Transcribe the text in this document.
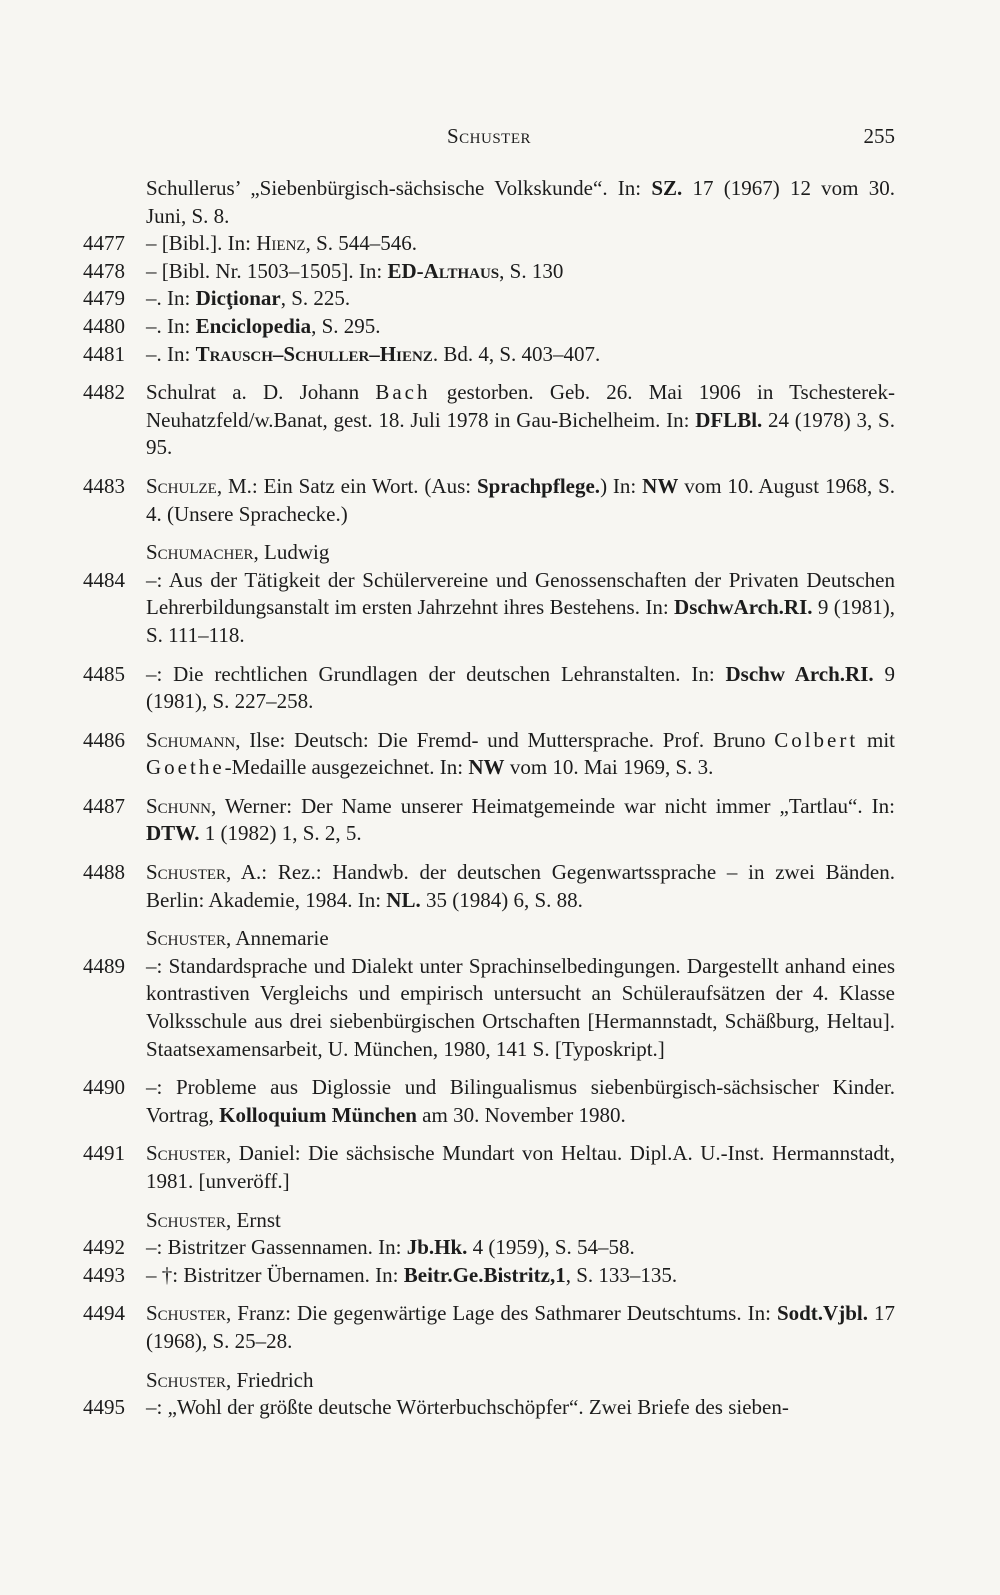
Schuster	255

Schullerus’ „Siebenbürgisch-sächsische Volkskunde“. In: SZ. 17 (1967) 12 vom 30. Juni, S. 8.

4477	– [Bibl.]. In: Hienz, S. 544–546.

4478	– [Bibl. Nr. 1503–1505]. In: ED-Althaus, S. 130

4479	–. In: Dicţionar, S. 225.

4480	–. In: Enciclopedia, S. 295.

4481	–. In: Trausch–Schuller–Hienz. Bd. 4, S. 403–407.

4482	Schulrat a. D. Johann Bach gestorben. Geb. 26. Mai 1906 in Tschesterek-Neuhatzfeld/w.Banat, gest. 18. Juli 1978 in Gau-Bichelheim. In: DFLBl. 24 (1978) 3, S. 95.

4483	Schulze, M.: Ein Satz ein Wort. (Aus: Sprachpflege.) In: NW vom 10. August 1968, S. 4. (Unsere Sprachecke.)

Schumacher, Ludwig

4484	–: Aus der Tätigkeit der Schülervereine und Genossenschaften der Privaten Deutschen Lehrerbildungsanstalt im ersten Jahrzehnt ihres Bestehens. In: DschwArch.RI. 9 (1981), S. 111–118.

4485	–: Die rechtlichen Grundlagen der deutschen Lehranstalten. In: Dschw Arch.RI. 9 (1981), S. 227–258.

4486	Schumann, Ilse: Deutsch: Die Fremd- und Muttersprache. Prof. Bruno Colbert mit Goethe-Medaille ausgezeichnet. In: NW vom 10. Mai 1969, S. 3.

4487	Schunn, Werner: Der Name unserer Heimatgemeinde war nicht immer „Tartlau“. In: DTW. 1 (1982) 1, S. 2, 5.

4488	Schuster, A.: Rez.: Handwb. der deutschen Gegenwartssprache – in zwei Bänden. Berlin: Akademie, 1984. In: NL. 35 (1984) 6, S. 88.

Schuster, Annemarie

4489	–: Standardsprache und Dialekt unter Sprachinselbedingungen. Dargestellt anhand eines kontrastiven Vergleichs und empirisch untersucht an Schüleraufsätzen der 4. Klasse Volksschule aus drei siebenbürgischen Ortschaften [Hermannstadt, Schäßburg, Heltau]. Staatsexamensarbeit, U. München, 1980, 141 S. [Typoskript.]

4490	–: Probleme aus Diglossie und Bilingualismus siebenbürgisch-sächsischer Kinder. Vortrag, Kolloquium München am 30. November 1980.

4491	Schuster, Daniel: Die sächsische Mundart von Heltau. Dipl.A. U.-Inst. Hermannstadt, 1981. [unveröff.]

Schuster, Ernst

4492	–: Bistritzer Gassennamen. In: Jb.Hk. 4 (1959), S. 54–58.

4493	– †: Bistritzer Übernamen. In: Beitr.Ge.Bistritz,1, S. 133–135.

4494	Schuster, Franz: Die gegenwärtige Lage des Sathmarer Deutschtums. In: Sodt.Vjbl. 17 (1968), S. 25–28.

Schuster, Friedrich

4495	–: „Wohl der größte deutsche Wörterbuchschöpfer“. Zwei Briefe des sieben-
